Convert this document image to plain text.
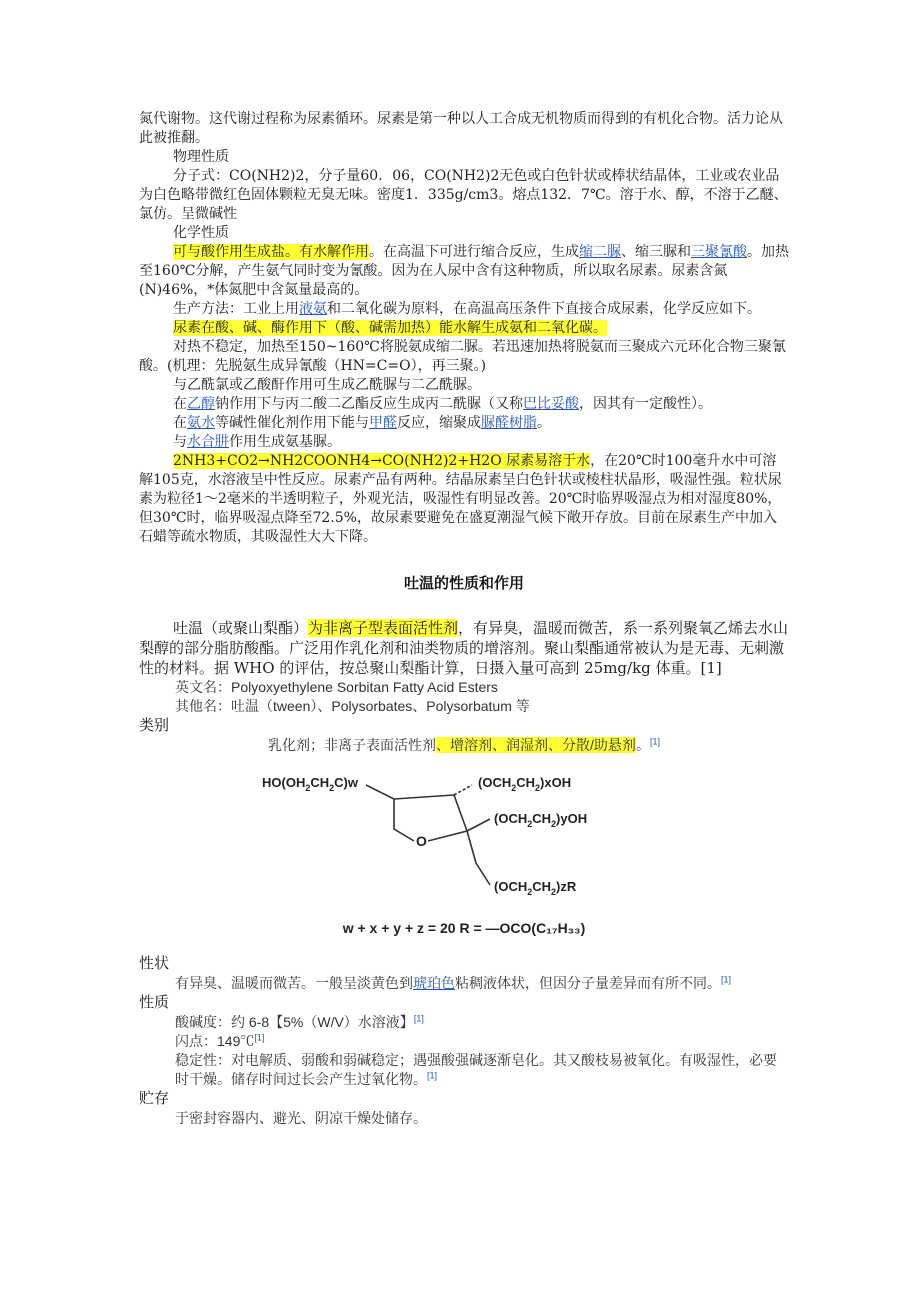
氮代谢物。这代谢过程称为尿素循环。尿素是第一种以人工合成无机物质而得到的有机化合物。活力论从此被推翻。

物理性质

分子式：CO(NH2)2，分子量60．06，CO(NH2)2无色或白色针状或棒状结晶体，工业或农业品为白色略带微红色固体颗粒无臭无味。密度1．335g/cm3。熔点132．7℃。溶于水、醇，不溶于乙醚、氯仿。呈微碱性

化学性质

可与酸作用生成盐。有水解作用。在高温下可进行缩合反应，生成缩二脲、缩三脲和三聚氰酸。加热至160℃分解，产生氨气同时变为氰酸。因为在人尿中含有这种物质，所以取名尿素。尿素含氮(N)46%，*体氮肥中含氮量最高的。

生产方法：工业上用液氨和二氧化碳为原料，在高温高压条件下直接合成尿素，化学反应如下。

尿素在酸、碱、酶作用下（酸、碱需加热）能水解生成氨和二氧化碳。

对热不稳定，加热至150~160℃将脱氨成缩二脲。若迅速加热将脱氨而三聚成六元环化合物三聚氰酸。(机理：先脱氨生成异氰酸（HN=C=O），再三聚。)

与乙酰氯或乙酸酐作用可生成乙酰脲与二乙酰脲。

在乙醇钠作用下与丙二酸二乙酯反应生成丙二酰脲（又称巴比妥酸，因其有一定酸性）。

在氨水等碱性催化剂作用下能与甲醛反应，缩聚成脲醛树脂。

与水合肼作用生成氨基脲。

2NH3+CO2→NH2COONH4→CO(NH2)2+H2O 尿素易溶于水，在20℃时100毫升水中可溶解105克，水溶液呈中性反应。尿素产品有两种。结晶尿素呈白色针状或棱柱状晶形，吸湿性强。粒状尿素为粒径1～2毫米的半透明粒子，外观光洁，吸湿性有明显改善。20℃时临界吸湿点为相对湿度80%，但30℃时，临界吸湿点降至72.5%，故尿素要避免在盛夏潮湿气候下敞开存放。目前在尿素生产中加入石蜡等疏水物质，其吸湿性大大下降。

吐温的性质和作用

吐温（或聚山梨酯）为非离子型表面活性剂，有异臭，温暖而微苦，系一系列聚氧乙烯去水山梨醇的部分脂肪酸酯。广泛用作乳化剂和油类物质的增溶剂。聚山梨酯通常被认为是无毒、无刺激性的材料。据 WHO 的评估，按总聚山梨酯计算，日摄入量可高到 25mg/kg 体重。[1]

英文名：Polyoxyethylene Sorbitan Fatty Acid Esters

其他名：吐温（tween）、Polysorbates、Polysorbatum 等

类别

乳化剂；非离子表面活性剂、增溶剂、润湿剂、分散/助悬剂。[1]

$HO(OH_2CH_2C)w$	$(OCH_2CH_2)xOH$
$(OCH_2CH_2)yOH$
$(OCH_2CH_2)zR$
O
w + x + y + z = 20 R = —OCO(C₁₇H₃₃)

性状

有异臭、温暖而微苦。一般呈淡黄色到琥珀色粘稠液体状，但因分子量差异而有所不同。[1]

性质

酸碱度：约 6-8【5%（W/V）水溶液】[1]

闪点：149℃[1]

稳定性：对电解质、弱酸和弱碱稳定；遇强酸强碱逐渐皂化。其又酸枝易被氧化。有吸湿性，必要时干燥。储存时间过长会产生过氧化物。[1]

贮存

于密封容器内、避光、阴凉干燥处储存。
